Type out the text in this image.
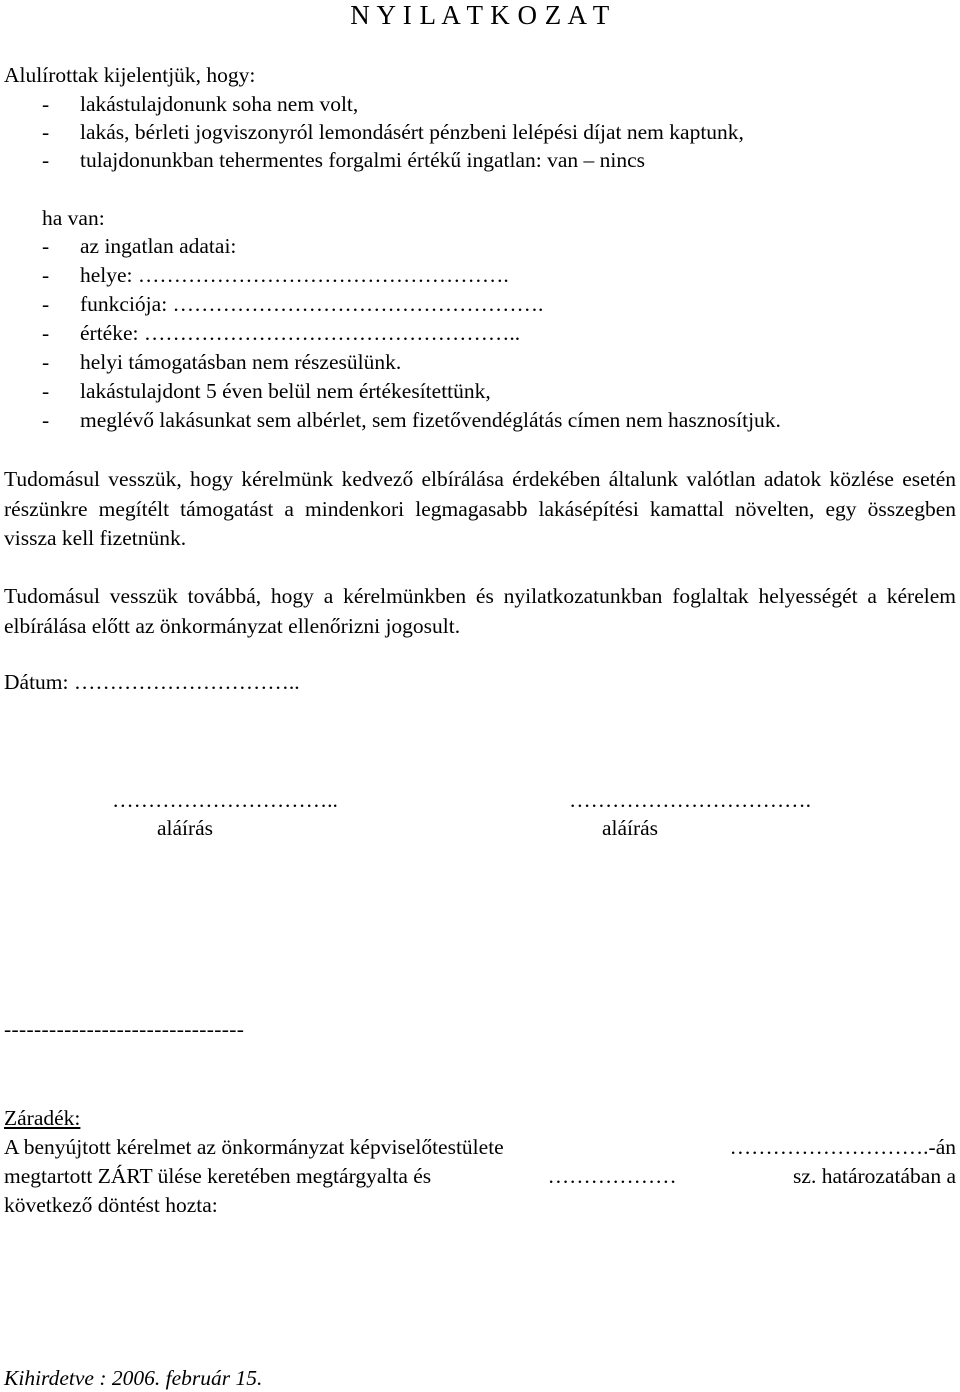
N Y I L A T K O Z A T
Alulírottak kijelentjük, hogy:
- lakástulajdonunk soha nem volt,
- lakás, bérleti jogviszonyról lemondásért pénzbeni lelépési díjat nem kaptunk,
- tulajdonunkban tehermentes forgalmi értékű ingatlan: van – nincs
ha van:
- az ingatlan adatai:
- helye: …………………………………………….
- funkciója: …………………………………………….
- értéke: ……………………………………………..
- helyi támogatásban nem részesülünk.
- lakástulajdont 5 éven belül nem értékesítettünk,
- meglévő lakásunkat sem albérlet, sem fizetővendéglátás címen nem hasznosítjuk.
Tudomásul vesszük, hogy kérelmünk kedvező elbírálása érdekében általunk valótlan adatok közlése esetén részünkre megítélt támogatást a mindenkori legmagasabb lakásépítési kamattal növelten, egy összegben vissza kell fizetnünk.
Tudomásul vesszük továbbá, hogy a kérelmünkben és nyilatkozatunkban foglaltak helyességét a kérelem elbírálása előtt az önkormányzat ellenőrizni jogosult.
Dátum: …………………………..
…………………………..
aláírás
…………………………….
aláírás
--------------------------------
Záradék:
A benyújtott kérelmet az önkormányzat képviselőtestülete	……………………….-án
megtartott ZÁRT ülése keretében megtárgyalta és	………………	sz. határozatában a
következő döntést hozta:
Kihirdetve : 2006. február 15.
